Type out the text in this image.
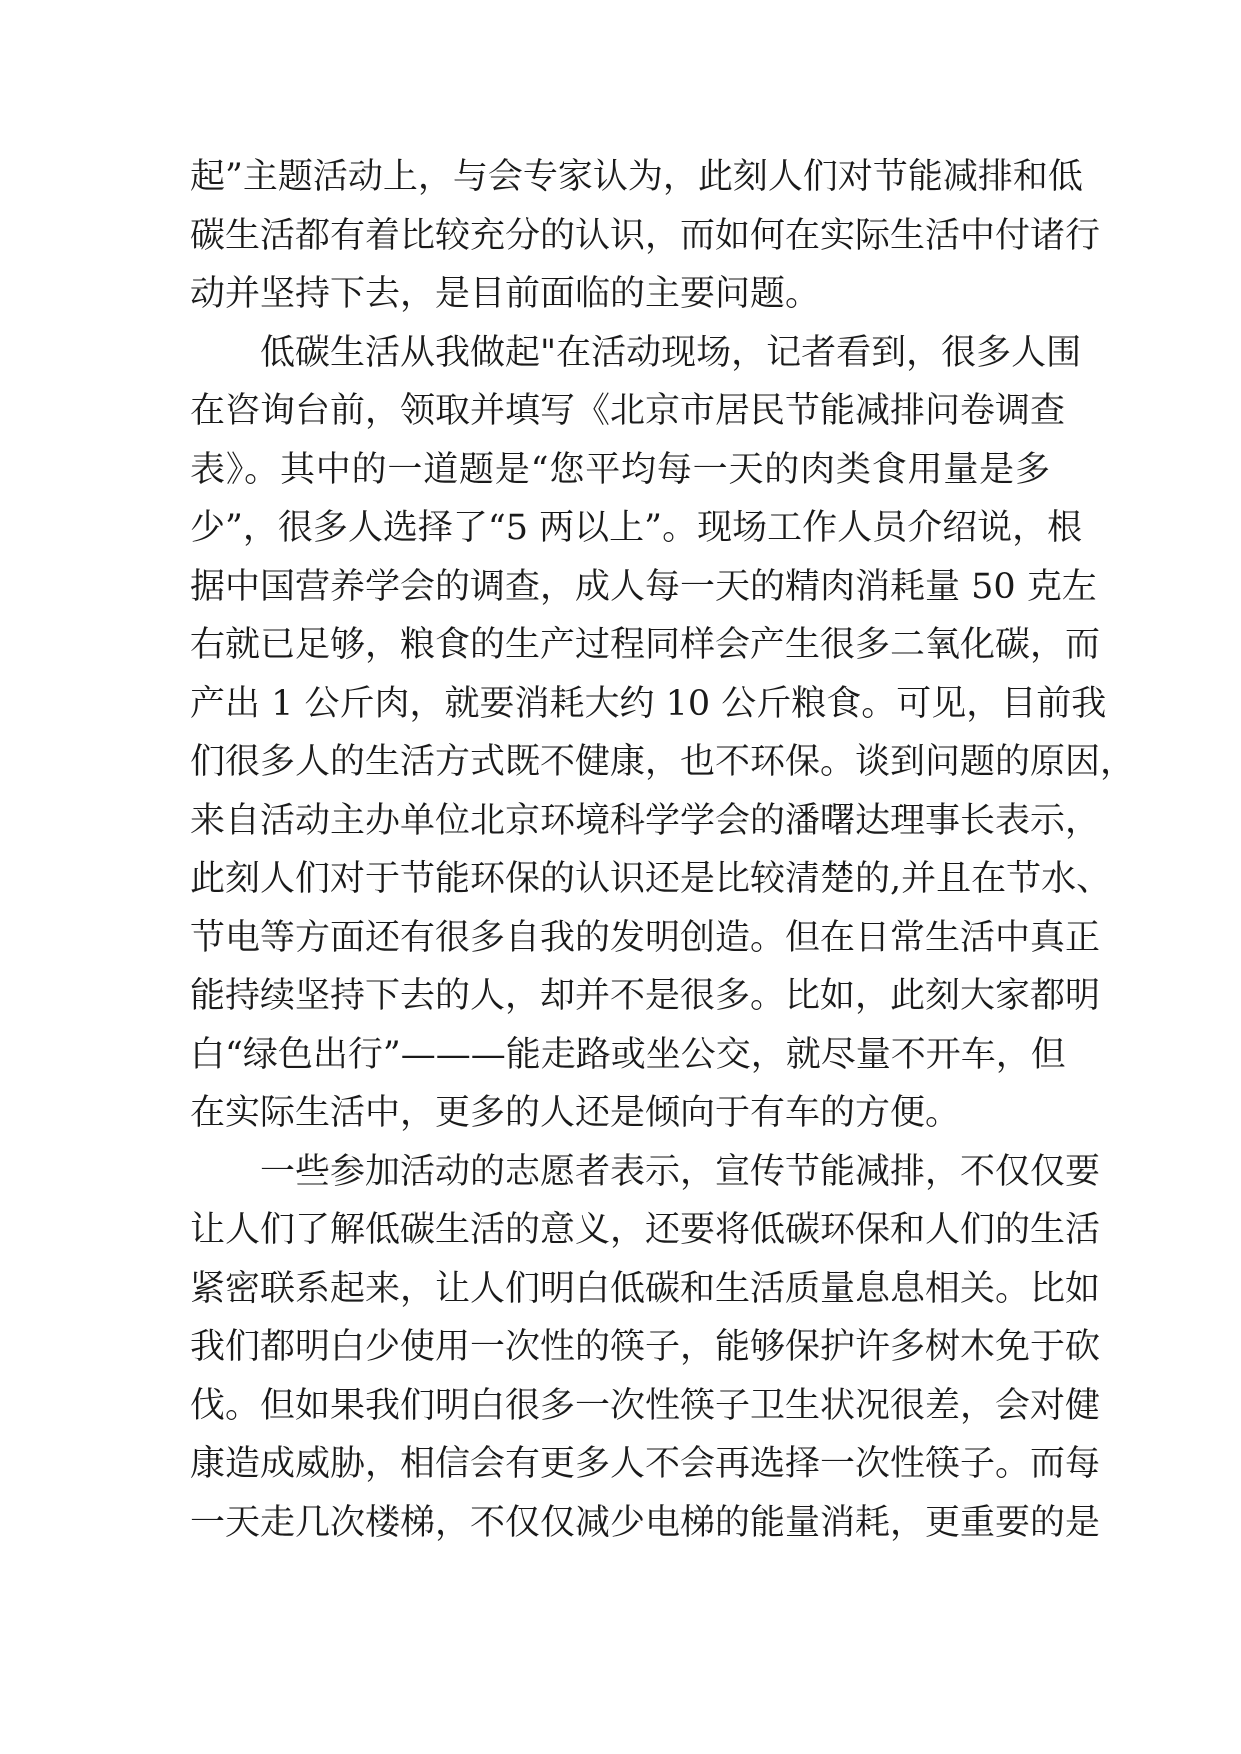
起”主题活动上，与会专家认为，此刻人们对节能减排和低
碳生活都有着比较充分的认识，而如何在实际生活中付诸行
动并坚持下去，是目前面临的主要问题。
低碳生活从我做起"在活动现场，记者看到，很多人围
在咨询台前，领取并填写《北京市居民节能减排问卷调查
表》。其中的一道题是“您平均每一天的肉类食用量是多
少”，很多人选择了“5 两以上”。现场工作人员介绍说，根
据中国营养学会的调查，成人每一天的精肉消耗量 50 克左
右就已足够，粮食的生产过程同样会产生很多二氧化碳，而
产出 1 公斤肉，就要消耗大约 10 公斤粮食。可见，目前我
们很多人的生活方式既不健康，也不环保。谈到问题的原因，
来自活动主办单位北京环境科学学会的潘曙达理事长表示，
此刻人们对于节能环保的认识还是比较清楚的,并且在节水、
节电等方面还有很多自我的发明创造。但在日常生活中真正
能持续坚持下去的人，却并不是很多。比如，此刻大家都明
白“绿色出行”———能走路或坐公交，就尽量不开车，但
在实际生活中，更多的人还是倾向于有车的方便。
一些参加活动的志愿者表示，宣传节能减排，不仅仅要
让人们了解低碳生活的意义，还要将低碳环保和人们的生活
紧密联系起来，让人们明白低碳和生活质量息息相关。比如
我们都明白少使用一次性的筷子，能够保护许多树木免于砍
伐。但如果我们明白很多一次性筷子卫生状况很差，会对健
康造成威胁，相信会有更多人不会再选择一次性筷子。而每
一天走几次楼梯，不仅仅减少电梯的能量消耗，更重要的是
